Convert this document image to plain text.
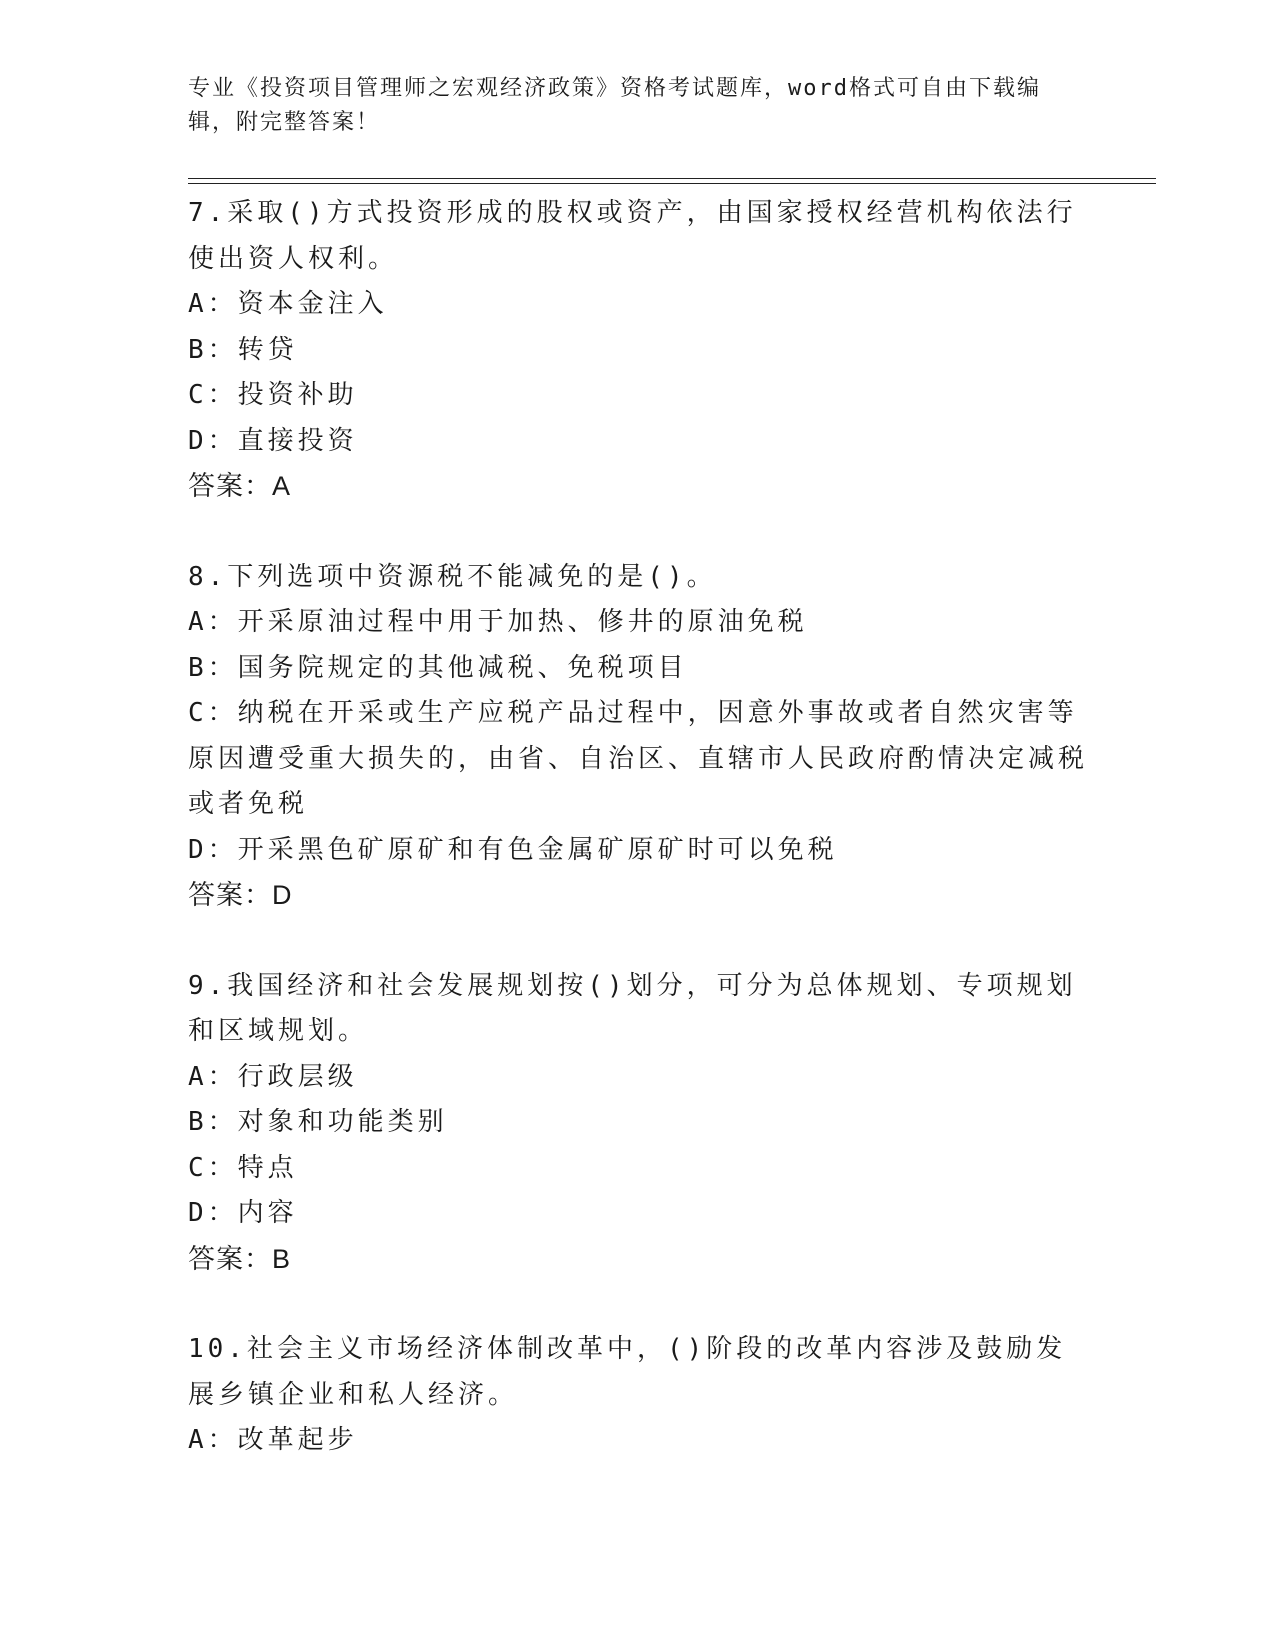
专业《投资项目管理师之宏观经济政策》资格考试题库，word格式可自由下载编辑，附完整答案！

7.采取()方式投资形成的股权或资产，由国家授权经营机构依法行使出资人权利。

A：资本金注入

B：转贷

C：投资补助

D：直接投资

答案：A

8.下列选项中资源税不能减免的是()。

A：开采原油过程中用于加热、修井的原油免税

B：国务院规定的其他减税、免税项目

C：纳税在开采或生产应税产品过程中，因意外事故或者自然灾害等原因遭受重大损失的，由省、自治区、直辖市人民政府酌情决定减税或者免税

D：开采黑色矿原矿和有色金属矿原矿时可以免税

答案：D

9.我国经济和社会发展规划按()划分，可分为总体规划、专项规划和区域规划。

A：行政层级

B：对象和功能类别

C：特点

D：内容

答案：B

10.社会主义市场经济体制改革中，()阶段的改革内容涉及鼓励发展乡镇企业和私人经济。

A：改革起步
